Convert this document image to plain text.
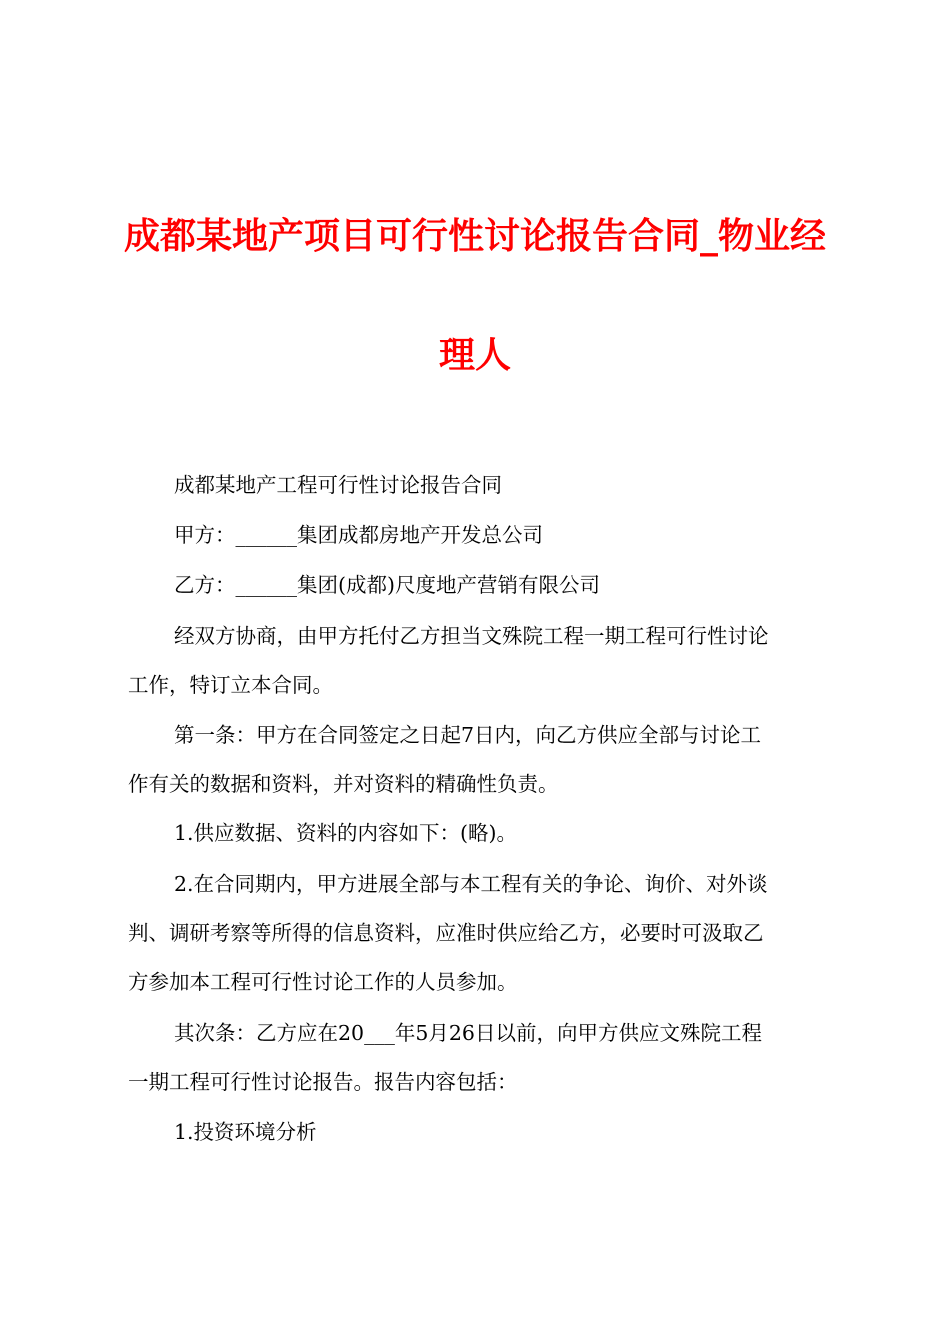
成都某地产项目可行性讨论报告合同_物业经
理人
成都某地产工程可行性讨论报告合同
甲方：______集团成都房地产开发总公司
乙方：______集团(成都)尺度地产营销有限公司
经双方协商，由甲方托付乙方担当文殊院工程一期工程可行性讨论
工作，特订立本合同。
第一条：甲方在合同签定之日起7日内，向乙方供应全部与讨论工
作有关的数据和资料，并对资料的精确性负责。
1.供应数据、资料的内容如下：(略)。
2.在合同期内，甲方进展全部与本工程有关的争论、询价、对外谈
判、调研考察等所得的信息资料，应准时供应给乙方，必要时可汲取乙
方参加本工程可行性讨论工作的人员参加。
其次条：乙方应在20___年5月26日以前，向甲方供应文殊院工程
一期工程可行性讨论报告。报告内容包括：
1.投资环境分析
